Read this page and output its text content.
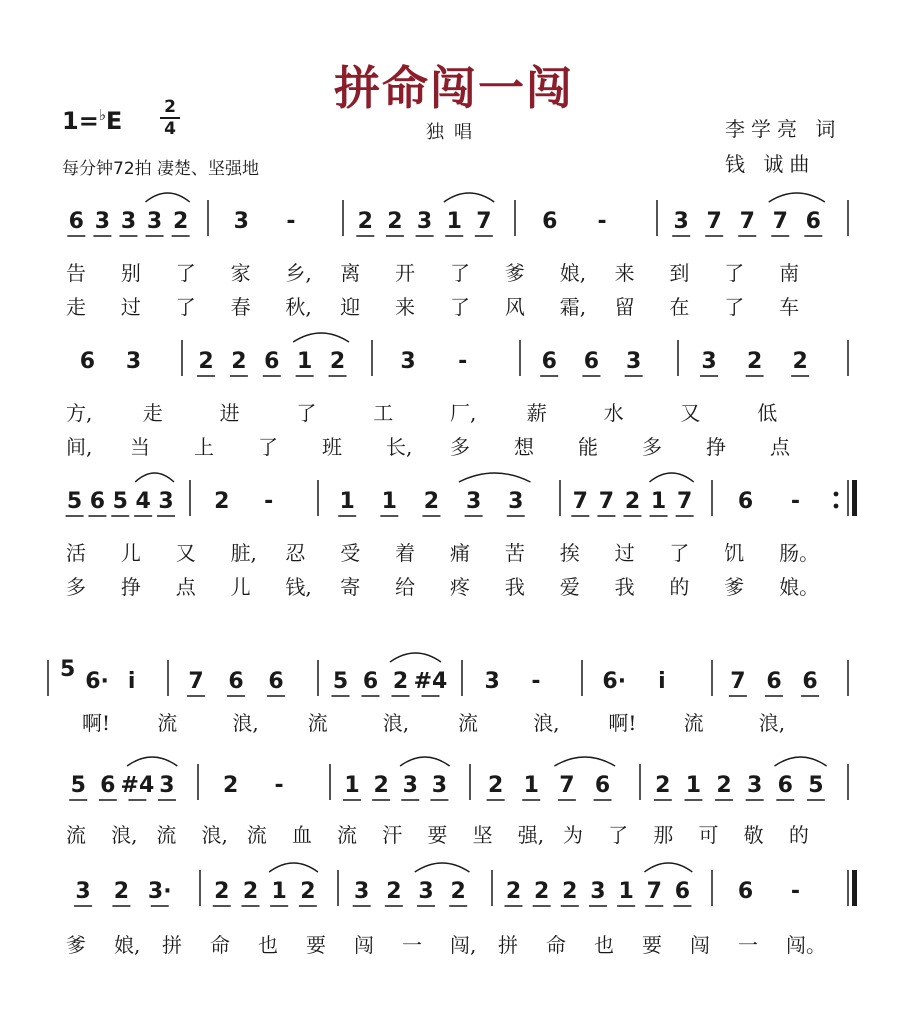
拼命闯一闯
1=♭E 2
4	独唱
每分钟72拍 凄楚、坚强地
李学亮 词
钱 诚曲
6 3 3 3 2 3 -	2 2 3 1 7 6 -	3 7 7 7 6
告 别 了 家 乡, 离 开 了 爹 娘, 来 到 了 南
走 过 了 春 秋, 迎 来 了 风 霜, 留 在 了 车
6 3	2 2 6 1 2	3 -	6 6 3	3 2 2
方,	走	进	了	工	厂,	薪	水	又	低
间, 当 上 了 班 长, 多 想 能 多 挣 点
5 6 5 4 3 2 -	1 1 2 3 3 7 7 2 1 7 6 -
活 儿 又 脏, 忍 受 着 痛 苦 挨 过 了 饥 肠。
多 挣 点 儿 钱, 寄 给 疼 我 爱 我 的 爹 娘。
5 6· i 7 6 6 5 6 2 #4 3 -	6· i	7 6 6
啊! 流	浪, 流	浪, 流	浪, 啊! 流	浪,
5 6 #4 3 2 -	1 2 3 3 2 1 7 6 2 1 2 3 6 5
流 浪, 流 浪, 流 血 流 汗 要 坚 强, 为 了 那 可 敬 的
3 2 3· 2 2 1 2 3 2 3 2 2 2 2 3 1 7 6 6 -
爹 娘, 拼 命 也 要 闯 一 闯, 拼 命 也 要 闯 一 闯。
